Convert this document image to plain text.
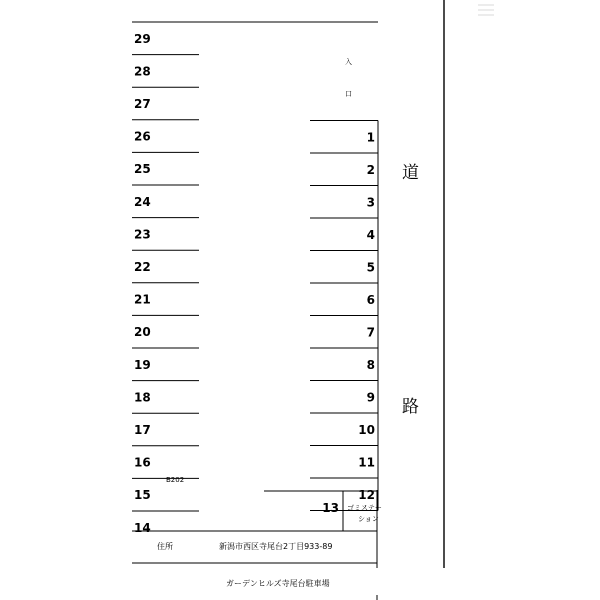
29
28
27
26
25
24
23
22
21
20
19
18
17
16
15
14
1
2
3
4
5
6
7
8
9
10
11
12
13 ゴミステー
ション
B202
入
口
道
路
住所	新潟市西区寺尾台2丁目933-89
ガーデンヒルズ寺尾台駐車場
